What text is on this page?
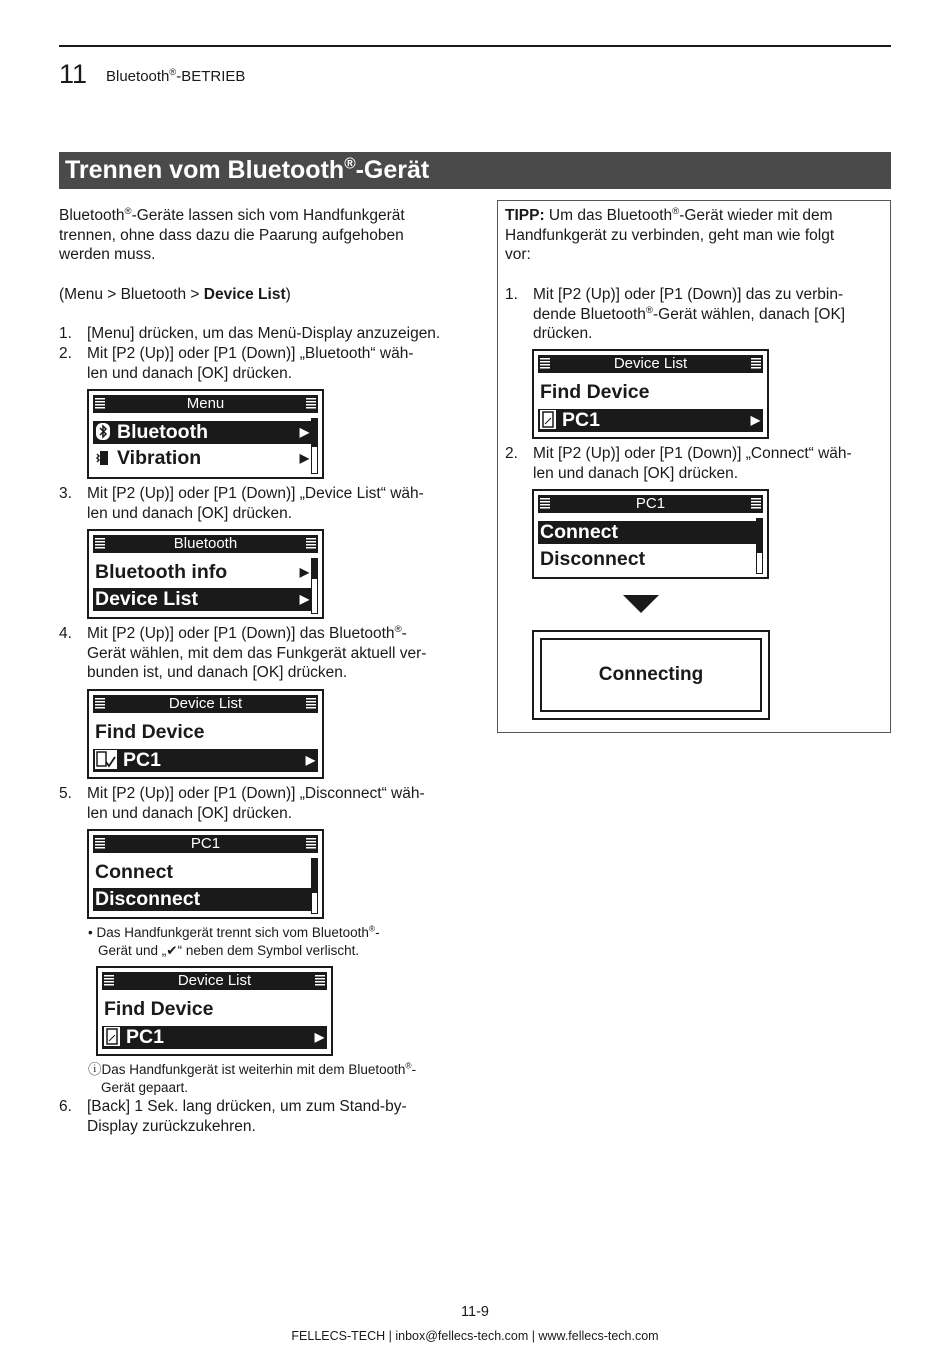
11 Bluetooth®-BETRIEB
Trennen vom Bluetooth®-Gerät
Bluetooth®-Geräte lassen sich vom Handfunkgerät
trennen, ohne dass dazu die Paarung aufgehoben
werden muss.
(Menu > Bluetooth > Device List)
1. [Menu] drücken, um das Menü-Display anzuzeigen.
2. Mit [P2 (Up)] oder [P1 (Down)] „Bluetooth“ wäh-
len und danach [OK] drücken.
Menu
Bluetooth	▶
Vibration	▶
3. Mit [P2 (Up)] oder [P1 (Down)] „Device List“ wäh-
len und danach [OK] drücken.
Bluetooth
Bluetooth info	▶
Device List	▶
4. Mit [P2 (Up)] oder [P1 (Down)] das Bluetooth®-
Gerät wählen, mit dem das Funkgerät aktuell ver-
bunden ist, und danach [OK] drücken.
Device List
Find Device
PC1	▶
5. Mit [P2 (Up)] oder [P1 (Down)] „Disconnect“ wäh-
len und danach [OK] drücken.
PC1
Connect
Disconnect
• Das Handfunkgerät trennt sich vom Bluetooth®-
Gerät und „✔“ neben dem Symbol verlischt.
Device List
Find Device
PC1	▶
ⓘDas Handfunkgerät ist weiterhin mit dem Bluetooth®-
Gerät gepaart.
6. [Back] 1 Sek. lang drücken, um zum Stand-by-
Display zurückzukehren.
TIPP: Um das Bluetooth®-Gerät wieder mit dem
Handfunkgerät zu verbinden, geht man wie folgt
vor:
1. Mit [P2 (Up)] oder [P1 (Down)] das zu verbin-
dende Bluetooth®-Gerät wählen, danach [OK]
drücken.
Device List
Find Device
PC1	▶
2. Mit [P2 (Up)] oder [P1 (Down)] „Connect“ wäh-
len und danach [OK] drücken.
PC1
Connect
Disconnect
Connecting
11-9
FELLECS-TECH | inbox@fellecs-tech.com | www.fellecs-tech.com
